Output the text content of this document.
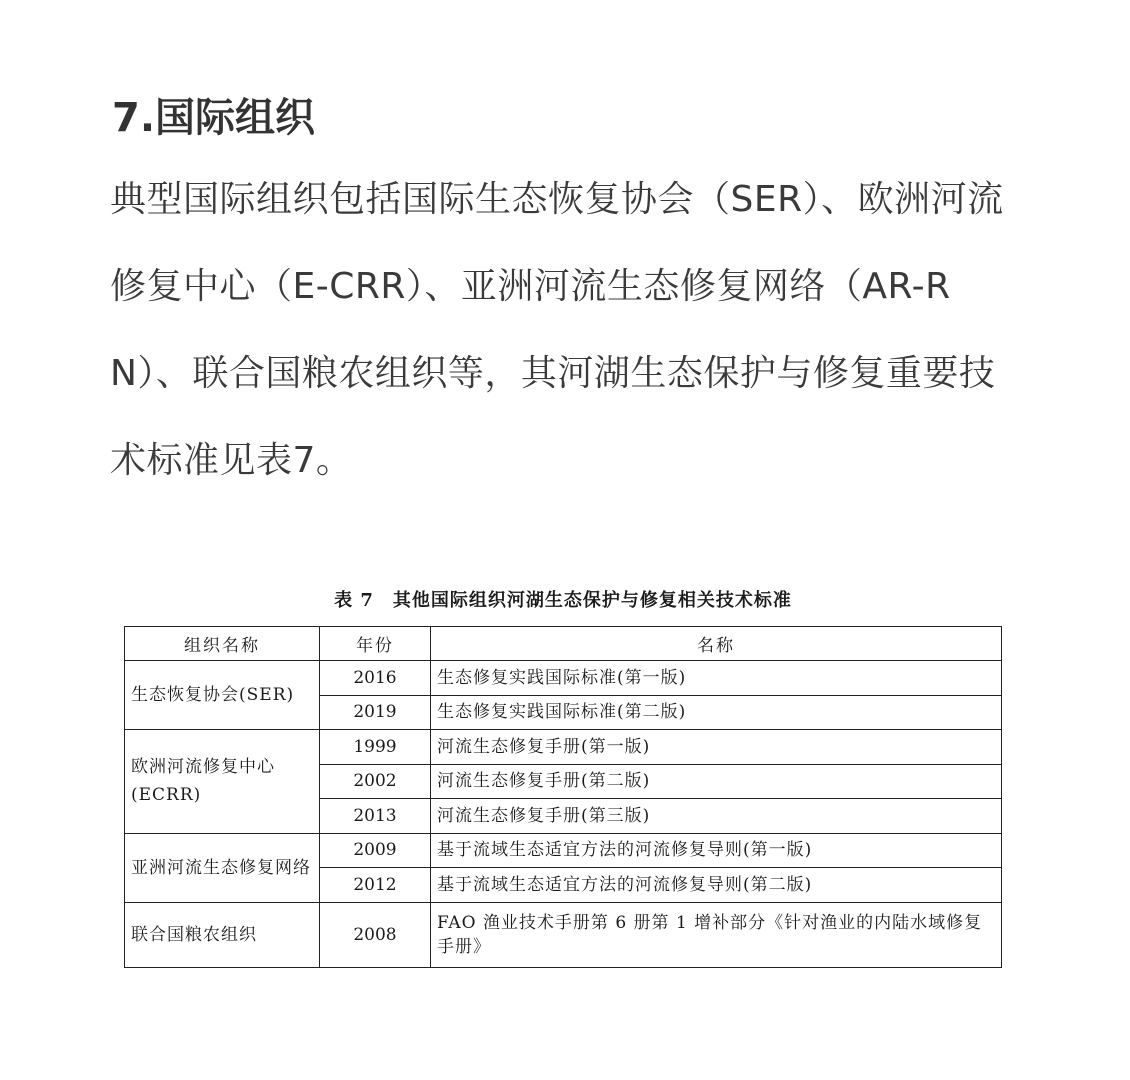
7.国际组织

典型国际组织包括国际生态恢复协会（SER）、欧洲河流修复中心（E-CRR）、亚洲河流生态修复网络（AR-RN）、联合国粮农组织等，其河湖生态保护与修复重要技术标准见表7。

表 7　其他国际组织河湖生态保护与修复相关技术标准
组织名称	年份	名称
生态恢复协会(SER)	2016	生态修复实践国际标准(第一版)
	2019	生态修复实践国际标准(第二版)
欧洲河流修复中心(ECRR)	1999	河流生态修复手册(第一版)
	2002	河流生态修复手册(第二版)
	2013	河流生态修复手册(第三版)
亚洲河流生态修复网络	2009	基于流域生态适宜方法的河流修复导则(第一版)
	2012	基于流域生态适宜方法的河流修复导则(第二版)
联合国粮农组织	2008	FAO 渔业技术手册第 6 册第 1 增补部分《针对渔业的内陆水域修复手册》
